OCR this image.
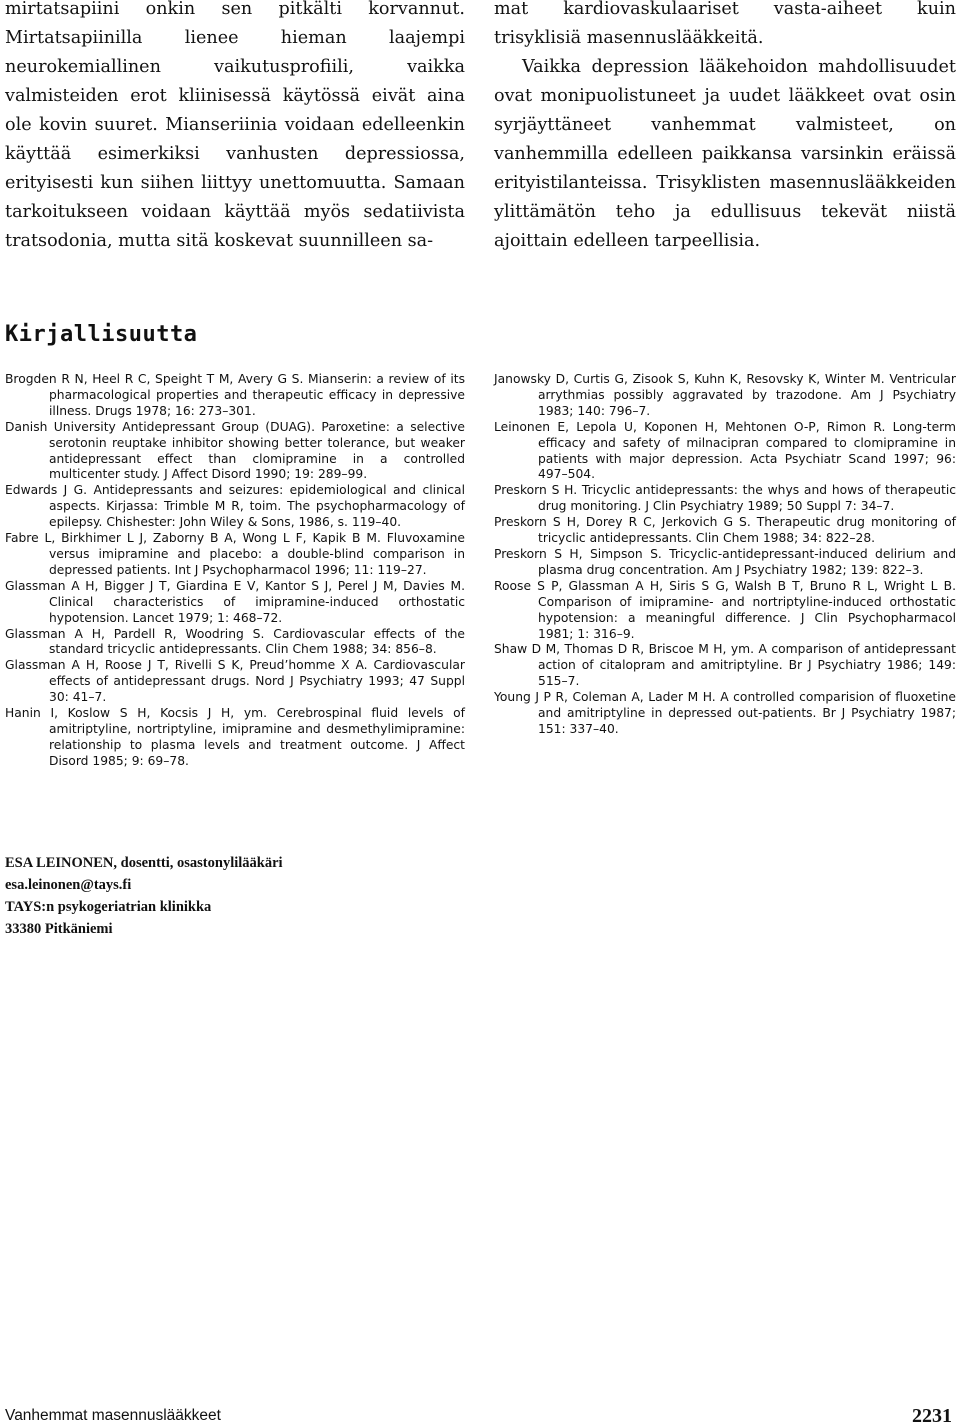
mirtatsapiini onkin sen pitkälti korvannut. Mirtatsapiinilla lienee hieman laajempi neurokemiallinen vaikutusprofiili, vaikka valmisteiden erot kliinisessä käytössä eivät aina ole kovin suuret. Mianseriinia voidaan edelleenkin käyttää esimerkiksi vanhusten depressiossa, erityisesti kun siihen liittyy unettomuutta. Samaan tarkoitukseen voidaan käyttää myös sedatiivista tratsodonia, mutta sitä koskevat suunnilleen sa-

mat kardiovaskulaariset vasta-aiheet kuin trisyklisiä masennuslääkkeitä.

Vaikka depression lääkehoidon mahdollisuudet ovat monipuolistuneet ja uudet lääkkeet ovat osin syrjäyttäneet vanhemmat valmisteet, on vanhemmilla edelleen paikkansa varsinkin eräissä erityistilanteissa. Trisyklisten masennuslääkkeiden ylittämätön teho ja edullisuus tekevät niistä ajoittain edelleen tarpeellisia.

Kirjallisuutta

Brogden R N, Heel R C, Speight T M, Avery G S. Mianserin: a review of its pharmacological properties and therapeutic efficacy in depressive illness. Drugs 1978; 16: 273–301.

Danish University Antidepressant Group (DUAG). Paroxetine: a selective serotonin reuptake inhibitor showing better tolerance, but weaker antidepressant effect than clomipramine in a controlled multicenter study. J Affect Disord 1990; 19: 289–99.

Edwards J G. Antidepressants and seizures: epidemiological and clinical aspects. Kirjassa: Trimble M R, toim. The psychopharmacology of epilepsy. Chishester: John Wiley & Sons, 1986, s. 119–40.

Fabre L, Birkhimer L J, Zaborny B A, Wong L F, Kapik B M. Fluvoxamine versus imipramine and placebo: a double-blind comparison in depressed patients. Int J Psychopharmacol 1996; 11: 119–27.

Glassman A H, Bigger J T, Giardina E V, Kantor S J, Perel J M, Davies M. Clinical characteristics of imipramine-induced orthostatic hypotension. Lancet 1979; 1: 468–72.

Glassman A H, Pardell R, Woodring S. Cardiovascular effects of the standard tricyclic antidepressants. Clin Chem 1988; 34: 856–8.

Glassman A H, Roose J T, Rivelli S K, Preud’homme X A. Cardiovascular effects of antidepressant drugs. Nord J Psychiatry 1993; 47 Suppl 30: 41–7.

Hanin I, Koslow S H, Kocsis J H, ym. Cerebrospinal fluid levels of amitriptyline, nortriptyline, imipramine and desmethylimipramine: relationship to plasma levels and treatment outcome. J Affect Disord 1985; 9: 69–78.

Janowsky D, Curtis G, Zisook S, Kuhn K, Resovsky K, Winter M. Ventricular arrythmias possibly aggravated by trazodone. Am J Psychiatry 1983; 140: 796–7.

Leinonen E, Lepola U, Koponen H, Mehtonen O-P, Rimon R. Long-term efficacy and safety of milnacipran compared to clomipramine in patients with major depression. Acta Psychiatr Scand 1997; 96: 497–504.

Preskorn S H. Tricyclic antidepressants: the whys and hows of therapeutic drug monitoring. J Clin Psychiatry 1989; 50 Suppl 7: 34–7.

Preskorn S H, Dorey R C, Jerkovich G S. Therapeutic drug monitoring of tricyclic antidepressants. Clin Chem 1988; 34: 822–28.

Preskorn S H, Simpson S. Tricyclic-antidepressant-induced delirium and plasma drug concentration. Am J Psychiatry 1982; 139: 822–3.

Roose S P, Glassman A H, Siris S G, Walsh B T, Bruno R L, Wright L B. Comparison of imipramine- and nortriptyline-induced orthostatic hypotension: a meaningful difference. J Clin Psychopharmacol 1981; 1: 316–9.

Shaw D M, Thomas D R, Briscoe M H, ym. A comparison of antidepressant action of citalopram and amitriptyline. Br J Psychiatry 1986; 149: 515–7.

Young J P R, Coleman A, Lader M H. A controlled comparision of fluoxetine and amitriptyline in depressed out-patients. Br J Psychiatry 1987; 151: 337–40.

ESA LEINONEN, dosentti, osastonylilääkäri
esa.leinonen@tays.fi
TAYS:n psykogeriatrian klinikka
33380 Pitkäniemi
Vanhemmat masennuslääkkeet	2231
